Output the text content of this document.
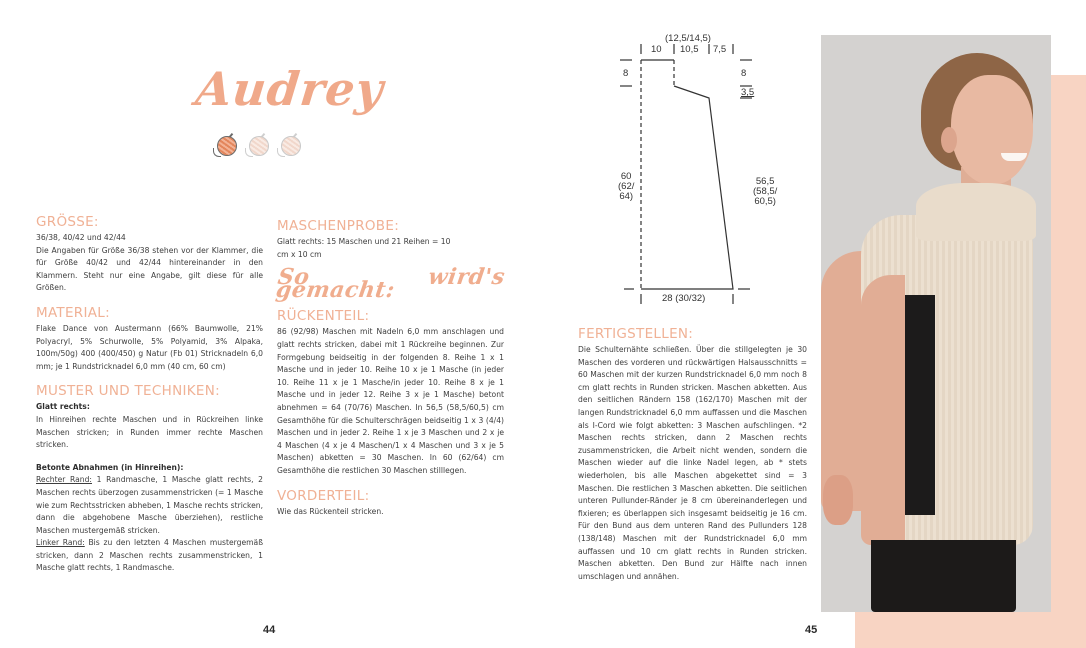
Audrey
GRÖSSE:
36/38, 40/42 und 42/44
Die Angaben für Größe 36/38 stehen vor der Klammer, die für Größe 40/42 und 42/44 hintereinander in den Klammern. Steht nur eine Angabe, gilt diese für alle Größen.
MATERIAL:
Flake Dance von Austermann (66% Baumwolle, 21% Polyacryl, 5% Schurwolle, 5% Polyamid, 3% Alpaka, 100m/50g) 400 (400/450) g Natur (Fb 01) Stricknadeln 6,0 mm; je 1 Rundstricknadel 6,0 mm (40 cm, 60 cm)
MUSTER UND TECHNIKEN:
Glatt rechts:
In Hinreihen rechte Maschen und in Rückreihen linke Maschen stricken; in Runden immer rechte Maschen stricken.
Betonte Abnahmen (in Hinreihen):
Rechter Rand: 1 Randmasche, 1 Masche glatt rechts, 2 Maschen rechts überzogen zusammenstricken (= 1 Masche wie zum Rechtsstricken abheben, 1 Masche rechts stricken, dann die abgehobene Masche überziehen), restliche Maschen mustergemäß stricken.
Linker Rand: Bis zu den letzten 4 Maschen mustergemäß stricken, dann 2 Maschen rechts zusammenstricken, 1 Masche glatt rechts, 1 Randmasche.
MASCHENPROBE:
Glatt rechts: 15 Maschen und 21 Reihen = 10 cm x 10 cm
So wird's gemacht:
RÜCKENTEIL:
86 (92/98) Maschen mit Nadeln 6,0 mm anschlagen und glatt rechts stricken, dabei mit 1 Rückreihe beginnen. Zur Formgebung beidseitig in der folgenden 8. Reihe 1 x 1 Masche und in jeder 10. Reihe 10 x je 1 Masche (in jeder 10. Reihe 11 x je 1 Masche/in jeder 10. Reihe 8 x je 1 Masche und in jeder 12. Reihe 3 x je 1 Masche) betont abnehmen = 64 (70/76) Maschen. In 56,5 (58,5/60,5) cm Gesamthöhe für die Schulterschrägen beidseitig 1 x 3 (4/4) Maschen und in jeder 2. Reihe 1 x je 3 Maschen und 2 x je 4 Maschen (4 x je 4 Maschen/1 x 4 Maschen und 3 x je 5 Maschen) abketten = 30 Maschen. In 60 (62/64) cm Gesamthöhe die restlichen 30 Maschen stilllegen.
VORDERTEIL:
Wie das Rückenteil stricken.
44
10
(12,5/14,5)
10,5 7,5
8	8
3,5
60
(62/
64)
56,5
(58,5/
60,5)
28 (30/32)
FERTIGSTELLEN:
Die Schulternähte schließen. Über die stillgelegten je 30 Maschen des vorderen und rückwärtigen Halsausschnitts = 60 Maschen mit der kurzen Rundstricknadel 6,0 mm noch 8 cm glatt rechts in Runden stricken. Maschen abketten. Aus den seitlichen Rändern 158 (162/170) Maschen mit der langen Rundstricknadel 6,0 mm auffassen und die Maschen als I-Cord wie folgt abketten: 3 Maschen aufschlingen. *2 Maschen rechts stricken, dann 2 Maschen rechts zusammenstricken, die Arbeit nicht wenden, sondern die Maschen wieder auf die linke Nadel legen, ab * stets wiederholen, bis alle Maschen abgekettet sind = 3 Maschen. Die restlichen 3 Maschen abketten. Die seitlichen unteren Pullunder-Ränder je 8 cm übereinanderlegen und fixieren; es überlappen sich insgesamt beidseitig je 16 cm. Für den Bund aus dem unteren Rand des Pullunders 128 (138/148) Maschen mit der Rundstricknadel 6,0 mm auffassen und 10 cm glatt rechts in Runden stricken. Maschen abketten. Den Bund zur Hälfte nach innen umschlagen und annähen.
45
